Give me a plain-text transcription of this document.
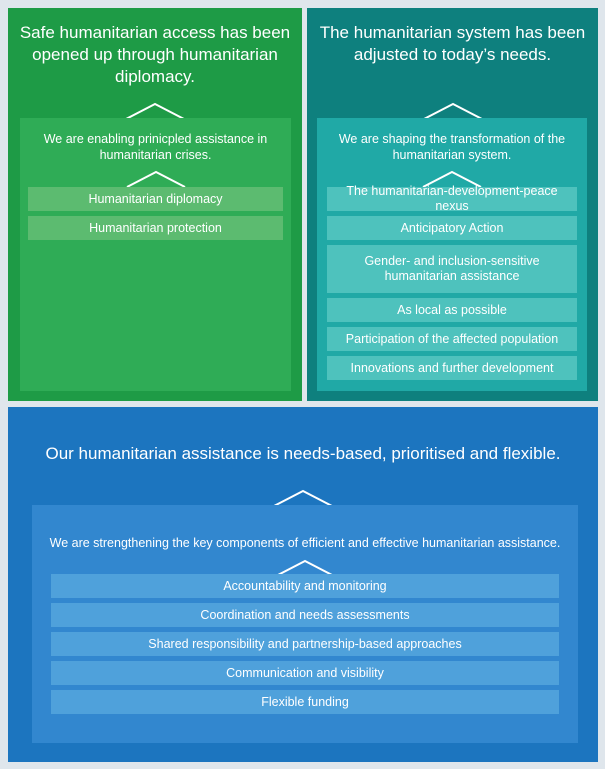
Safe humanitarian access has been opened up through humanitarian diplomacy.
We are enabling prinicpled assistance in humanitarian crises.
Humanitarian diplomacy
Humanitarian protection
The humanitarian system has been adjusted to today’s needs.
We are shaping the transformation of the humanitarian system.
The humanitarian-development-peace nexus
Anticipatory Action
Gender- and inclusion-sensitive humanitarian assistance
As local as possible
Participation of the affected population
Innovations and further development
Our humanitarian assistance is needs-based, prioritised and flexible.
We are strengthening the key components of efficient and effective humanitarian assistance.
Accountability and monitoring
Coordination and needs assessments
Shared responsibility and partnership-based approaches
Communication and visibility
Flexible funding
